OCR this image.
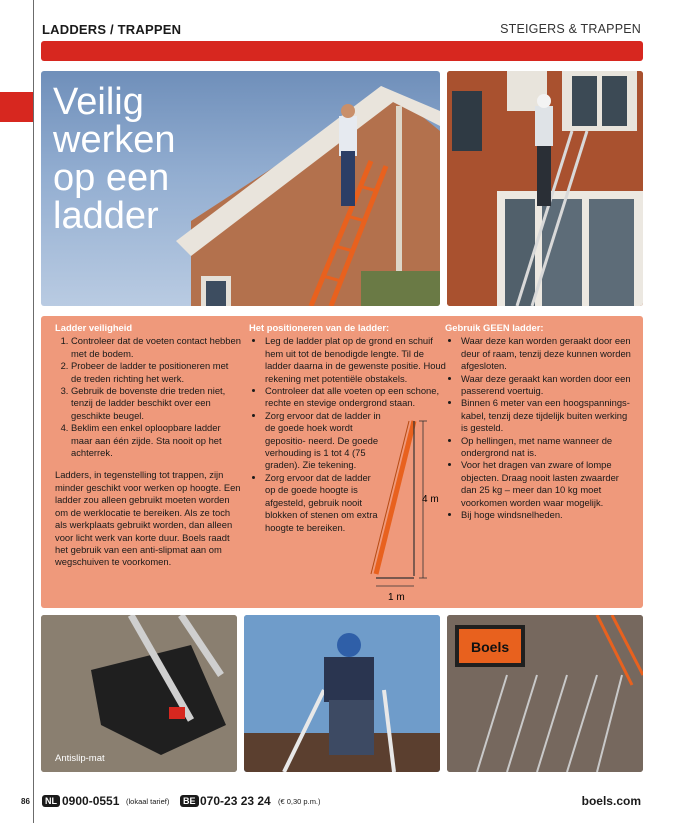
LADDERS / TRAPPEN	STEIGERS & TRAPPEN
Veilig werken op een ladder
Ladder veiligheid
1. Controleer dat de voeten contact hebben met de bodem.
2. Probeer de ladder te positioneren met de treden richting het werk.
3. Gebruik de bovenste drie treden niet, tenzij de ladder beschikt over een geschikte beugel.
4. Beklim een enkel oploopbare ladder maar aan één zijde. Sta nooit op het achterrek.

Ladders, in tegenstelling tot trappen, zijn minder geschikt voor werken op hoogte. Een ladder zou alleen gebruikt moeten worden om de werklocatie te bereiken. Als ze toch als werkplaats gebruikt worden, dan alleen voor licht werk van korte duur. Boels raadt het gebruik van een anti-slipmat aan om wegschuiven te voorkomen.

Het positioneren van de ladder:
• Leg de ladder plat op de grond en schuif hem uit tot de benodigde lengte. Til de ladder daarna in de gewenste positie. Houd rekening met potentiële obstakels.
• Controleer dat alle voeten op een schone, rechte en stevige ondergrond staan.
• Zorg ervoor dat de ladder in de goede hoek wordt gepositio- neerd. De goede verhouding is 1 tot 4 (75 graden). Zie tekening.
• Zorg ervoor dat de ladder op de goede hoogte is afgesteld, gebruik nooit blokken of stenen om extra hoogte te bereiken.
4 m
1 m
Gebruik GEEN ladder:
• Waar deze kan worden geraakt door een deur of raam, tenzij deze kunnen worden afgesloten.
• Waar deze geraakt kan worden door een passerend voertuig.
• Binnen 6 meter van een hoogspannings- kabel, tenzij deze tijdelijk buiten werking is gesteld.
• Op hellingen, met name wanneer de ondergrond nat is.
• Voor het dragen van zware of lompe objecten. Draag nooit lasten zwaarder dan 25 kg – meer dan 10 kg moet voorkomen worden waar mogelijk.
• Bij hoge windsnelheden.
Antislip-mat
Boels
86	NL 0900-0551 (lokaal tarief)	BE 070-23 23 24 (€ 0,30 p.m.)	boels.com
